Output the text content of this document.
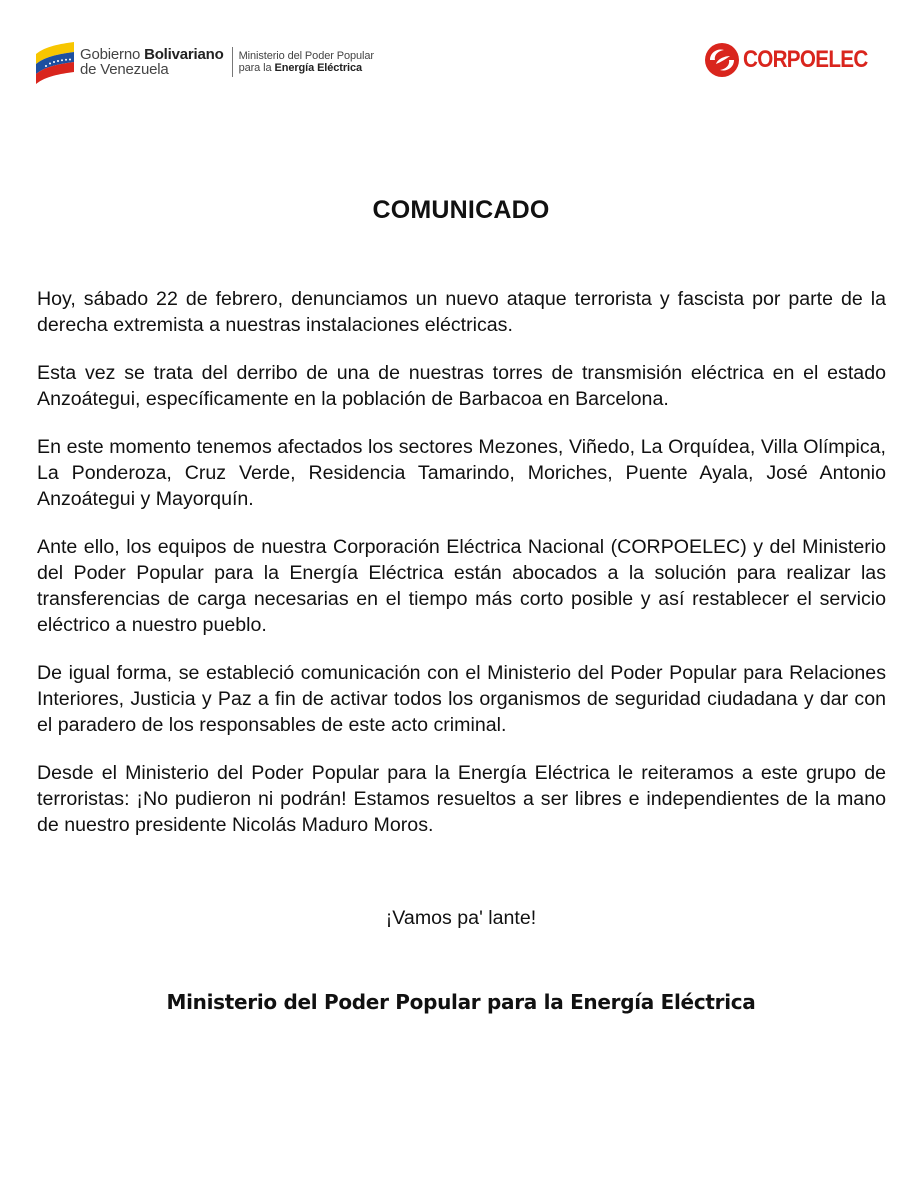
Gobierno Bolivariano
de Venezuela
Ministerio del Poder Popular
para la Energía Eléctrica	CORPOELEC
COMUNICADO

Hoy, sábado 22 de febrero, denunciamos un nuevo ataque terrorista y fascista por parte de la derecha extremista a nuestras instalaciones eléctricas.

Esta vez se trata del derribo de una de nuestras torres de transmisión eléctrica en el estado Anzoátegui, específicamente en la población de Barbacoa en Barcelona.

En este momento tenemos afectados los sectores Mezones, Viñedo, La Orquídea, Villa Olímpica, La Ponderoza, Cruz Verde, Residencia Tamarindo, Moriches, Puente Ayala, José Antonio Anzoátegui y Mayorquín.

Ante ello, los equipos de nuestra Corporación Eléctrica Nacional (CORPOELEC) y del Ministerio del Poder Popular para la Energía Eléctrica están abocados a la solución para realizar las transferencias de carga necesarias en el tiempo más corto posible y así restablecer el servicio eléctrico a nuestro pueblo.

De igual forma, se estableció comunicación con el Ministerio del Poder Popular para Relaciones Interiores, Justicia y Paz a fin de activar todos los organismos de seguridad ciudadana y dar con el paradero de los responsables de este acto criminal.

Desde el Ministerio del Poder Popular para la Energía Eléctrica le reiteramos a este grupo de terroristas: ¡No pudieron ni podrán! Estamos resueltos a ser libres e independientes de la mano de nuestro presidente Nicolás Maduro Moros.

¡Vamos pa' lante!
Ministerio del Poder Popular para la Energía Eléctrica
